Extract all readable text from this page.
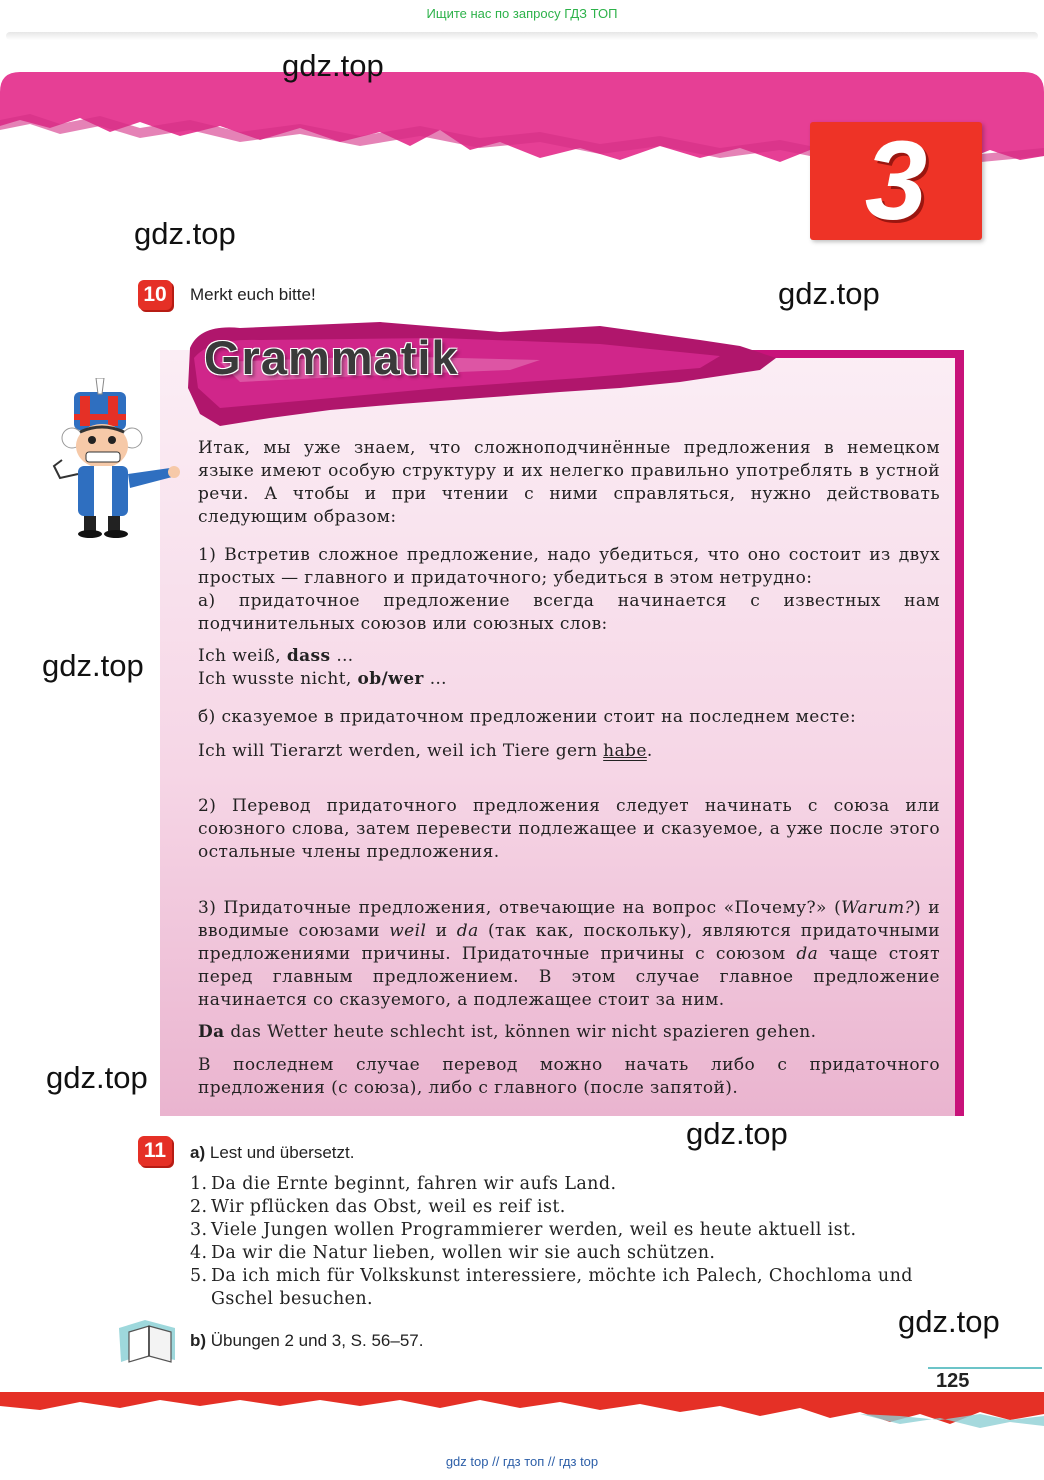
Ищите нас по запросу ГДЗ ТОП
3
gdz.top
gdz.top
gdz.top
gdz.top
gdz.top
gdz.top
gdz.top
10	Merkt euch bitte!
Grammatik
Итак, мы уже знаем, что сложноподчинённые предложения в немецком языке имеют особую структуру и их нелегко правильно употреблять в устной речи. А чтобы и при чтении с ними справляться, нужно действовать следующим образом:
1) Встретив сложное предложение, надо убедиться, что оно состоит из двух простых — главного и придаточного; убедиться в этом нетрудно:
а) придаточное предложение всегда начинается с известных нам подчинительных союзов или союзных слов:
Ich weiß, dass …
Ich wusste nicht, ob/wer …
б) сказуемое в придаточном предложении стоит на последнем месте:
Ich will Tierarzt werden, weil ich Tiere gern habe.
2) Перевод придаточного предложения следует начинать с союза или союзного слова, затем перевести подлежащее и сказуемое, а уже после этого остальные члены предложения.
3) Придаточные предложения, отвечающие на вопрос «Почему?» (Warum?) и вводимые союзами weil и da (так как, поскольку), являются придаточными предложениями причины. Придаточные причины с союзом da чаще стоят перед главным предложением. В этом случае главное предложение начинается со сказуемого, а подлежащее стоит за ним.
Da das Wetter heute schlecht ist, können wir nicht spazieren gehen.
В последнем случае перевод можно начать либо с придаточного предложения (с союза), либо с главного (после запятой).
11	a) Lest und übersetzt.
1. Da die Ernte beginnt, fahren wir aufs Land.
2. Wir pflücken das Obst, weil es reif ist.
3. Viele Jungen wollen Programmierer werden, weil es heute aktuell ist.
4. Da wir die Natur lieben, wollen wir sie auch schützen.
5. Da ich mich für Volkskunst interessiere, möchte ich Palech, Chochloma und Gschel besuchen.
b) Übungen 2 und 3, S. 56–57.
125
gdz top // гдз топ // гдз top
